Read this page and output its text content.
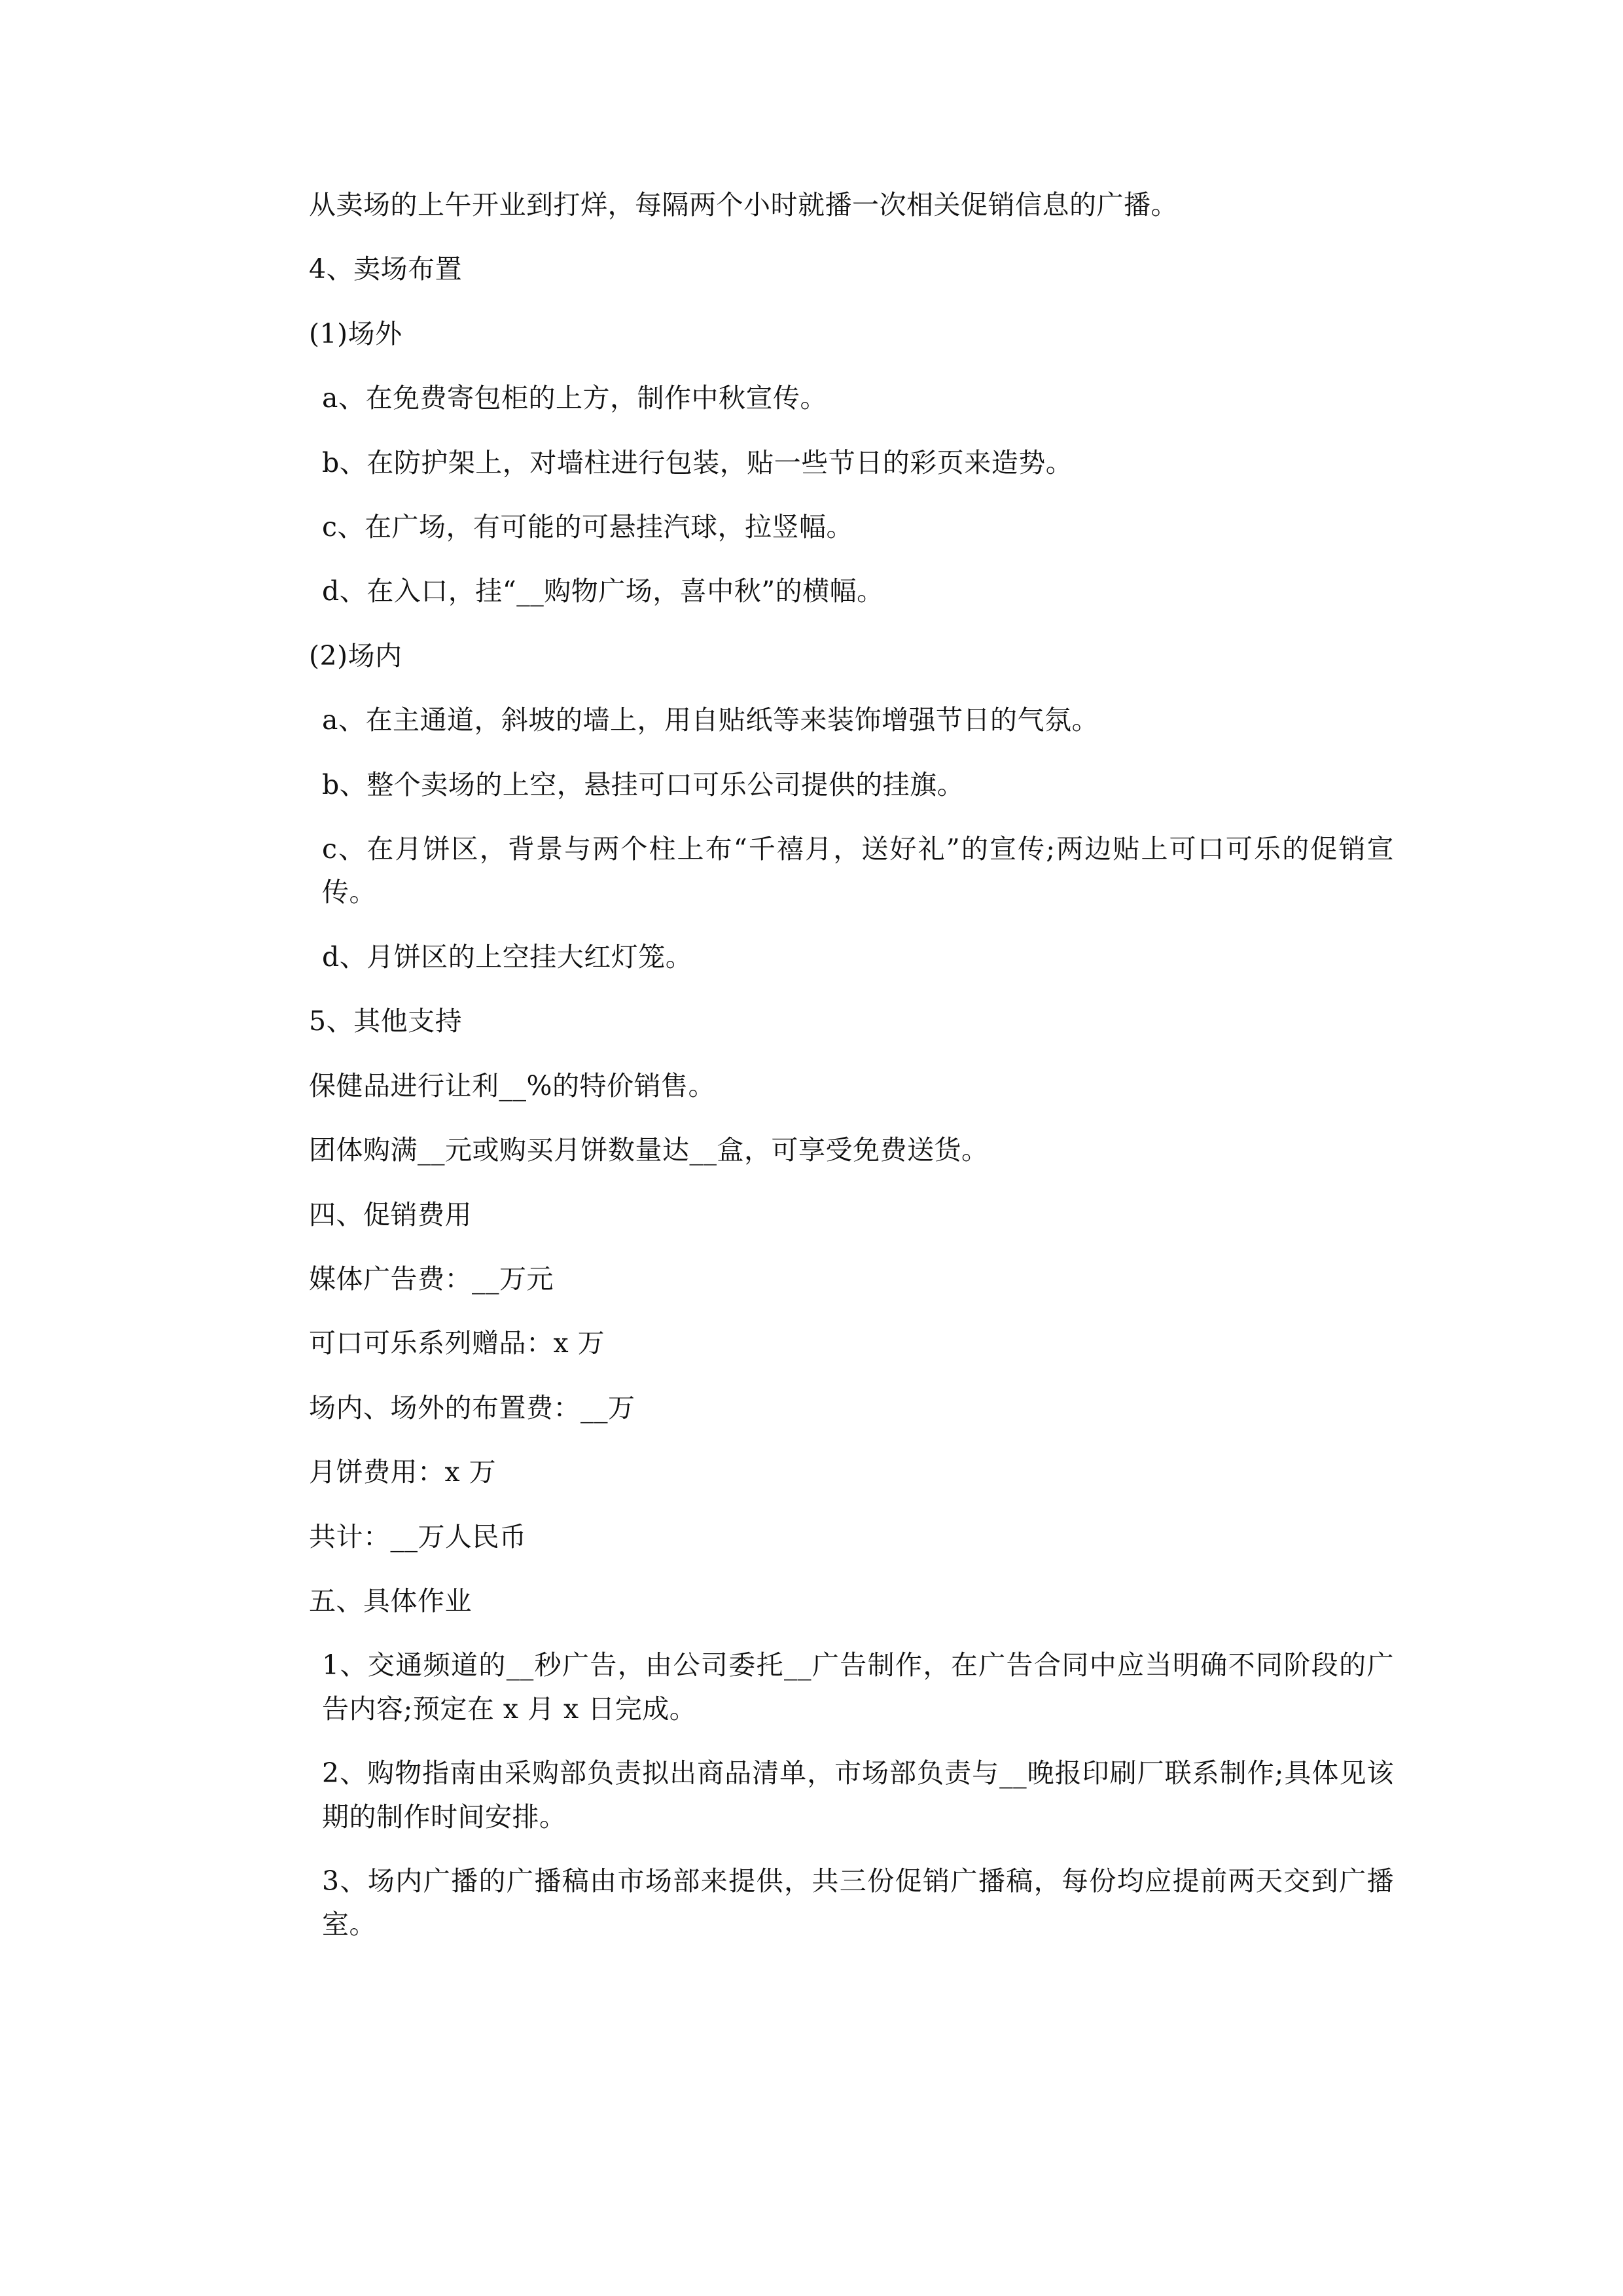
从卖场的上午开业到打烊，每隔两个小时就播一次相关促销信息的广播。

4、卖场布置

(1)场外

a、在免费寄包柜的上方，制作中秋宣传。

b、在防护架上，对墙柱进行包装，贴一些节日的彩页来造势。

c、在广场，有可能的可悬挂汽球，拉竖幅。

d、在入口，挂“__购物广场，喜中秋”的横幅。

(2)场内

a、在主通道，斜坡的墙上，用自贴纸等来装饰增强节日的气氛。

b、整个卖场的上空，悬挂可口可乐公司提供的挂旗。

c、在月饼区，背景与两个柱上布“千禧月，送好礼”的宣传;两边贴上可口可乐的促销宣传。

d、月饼区的上空挂大红灯笼。

5、其他支持

保健品进行让利__%的特价销售。

团体购满__元或购买月饼数量达__盒，可享受免费送货。

四、促销费用

媒体广告费：__万元

可口可乐系列赠品：x 万

场内、场外的布置费：__万

月饼费用：x 万

共计：__万人民币

五、具体作业

1、交通频道的__秒广告，由公司委托__广告制作，在广告合同中应当明确不同阶段的广告内容;预定在 x 月 x 日完成。

2、购物指南由采购部负责拟出商品清单，市场部负责与__晚报印刷厂联系制作;具体见该期的制作时间安排。

3、场内广播的广播稿由市场部来提供，共三份促销广播稿，每份均应提前两天交到广播室。
